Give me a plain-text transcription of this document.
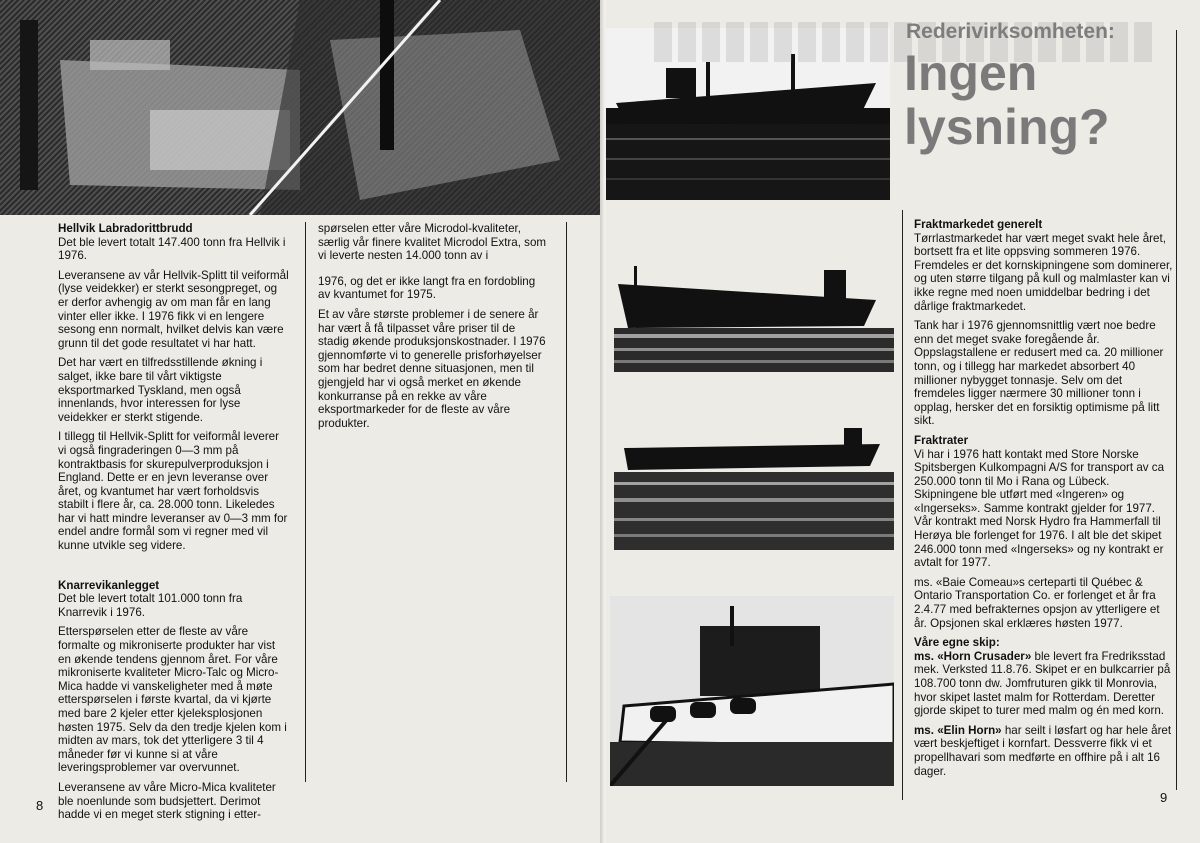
Hellvik Labradorittbrudd

Det ble levert totalt 147.400 tonn fra Hellvik i 1976.

Leveransene av vår Hellvik-Splitt til veiformål (lyse veidekker) er sterkt sesongpreget, og er derfor avhengig av om man får en lang vinter eller ikke. I 1976 fikk vi en lengere sesong enn normalt, hvilket delvis kan være grunn til det gode resultatet vi har hatt.

Det har vært en tilfredsstillende økning i salget, ikke bare til vårt viktigste eksportmarked Tyskland, men også innenlands, hvor interessen for lyse veidekker er sterkt stigende.

I tillegg til Hellvik-Splitt for veiformål leverer vi også fingraderingen 0—3 mm på kontraktbasis for skurepulverproduksjon i England. Dette er en jevn leveranse over året, og kvantumet har vært forholdsvis stabilt i flere år, ca. 28.000 tonn. Likeledes har vi hatt mindre leveranser av 0—3 mm for endel andre formål som vi regner med vil kunne utvikle seg videre.

Knarrevikanlegget

Det ble levert totalt 101.000 tonn fra Knarrevik i 1976.

Etterspørselen etter de fleste av våre formalte og mikroniserte produkter har vist en økende tendens gjennom året. For våre mikroniserte kvaliteter Micro-Talc og Micro-Mica hadde vi vanskeligheter med å møte etterspørselen i første kvartal, da vi kjørte med bare 2 kjeler etter kjeleksplosjonen høsten 1975. Selv da den tredje kjelen kom i midten av mars, tok det ytterligere 3 til 4 måneder før vi kunne si at våre leveringsproblemer var overvunnet.

Leveransene av våre Micro-Mica kvaliteter ble noenlunde som budsjettert. Derimot hadde vi en meget sterk stigning i etter-

spørselen etter våre Microdol-kvaliteter, særlig vår finere kvalitet Microdol Extra, som vi leverte nesten 14.000 tonn av i

1976, og det er ikke langt fra en fordobling av kvantumet for 1975.

Et av våre største problemer i de senere år har vært å få tilpasset våre priser til de stadig økende produksjonskostnader. I 1976 gjennomførte vi to generelle prisforhøyelser som har bedret denne situasjonen, men til gjengjeld har vi også merket en økende konkurranse på en rekke av våre eksportmarkeder for de fleste av våre produkter.

8
Rederivirksomheten:
Ingen
lysning?
Fraktmarkedet generelt

Tørrlastmarkedet har vært meget svakt hele året, bortsett fra et lite oppsving sommeren 1976. Fremdeles er det kornskipningene som dominerer, og uten større tilgang på kull og malmlaster kan vi ikke regne med noen umiddelbar bedring i det dårlige fraktmarkedet.

Tank har i 1976 gjennomsnittlig vært noe bedre enn det meget svake foregående år. Oppslagstallene er redusert med ca. 20 millioner tonn, og i tillegg har markedet absorbert 40 millioner nybygget tonnasje. Selv om det fremdeles ligger nærmere 30 millioner tonn i opplag, hersker det en forsiktig optimisme på litt sikt.

Fraktrater

Vi har i 1976 hatt kontakt med Store Norske Spitsbergen Kulkompagni A/S for transport av ca 250.000 tonn til Mo i Rana og Lübeck. Skipningene ble utført med «Ingeren» og «Ingerseks». Samme kontrakt gjelder for 1977. Vår kontrakt med Norsk Hydro fra Hammerfall til Herøya ble forlenget for 1976. I alt ble det skipet 246.000 tonn med «Ingerseks» og ny kontrakt er avtalt for 1977.

ms. «Baie Comeau»s certeparti til Québec & Ontario Transportation Co. er forlenget et år fra 2.4.77 med befrakternes opsjon av ytterligere et år. Opsjonen skal erklæres høsten 1977.

Våre egne skip:

ms. «Horn Crusader» ble levert fra Fredriksstad mek. Verksted 11.8.76. Skipet er en bulkcarrier på 108.700 tonn dw. Jomfruturen gikk til Monrovia, hvor skipet lastet malm for Rotterdam. Deretter gjorde skipet to turer med malm og én med korn.

ms. «Elin Horn» har seilt i løsfart og har hele året vært beskjeftiget i kornfart. Dessverre fikk vi et propellhavari som medførte en offhire på i alt 16 dager.

9
